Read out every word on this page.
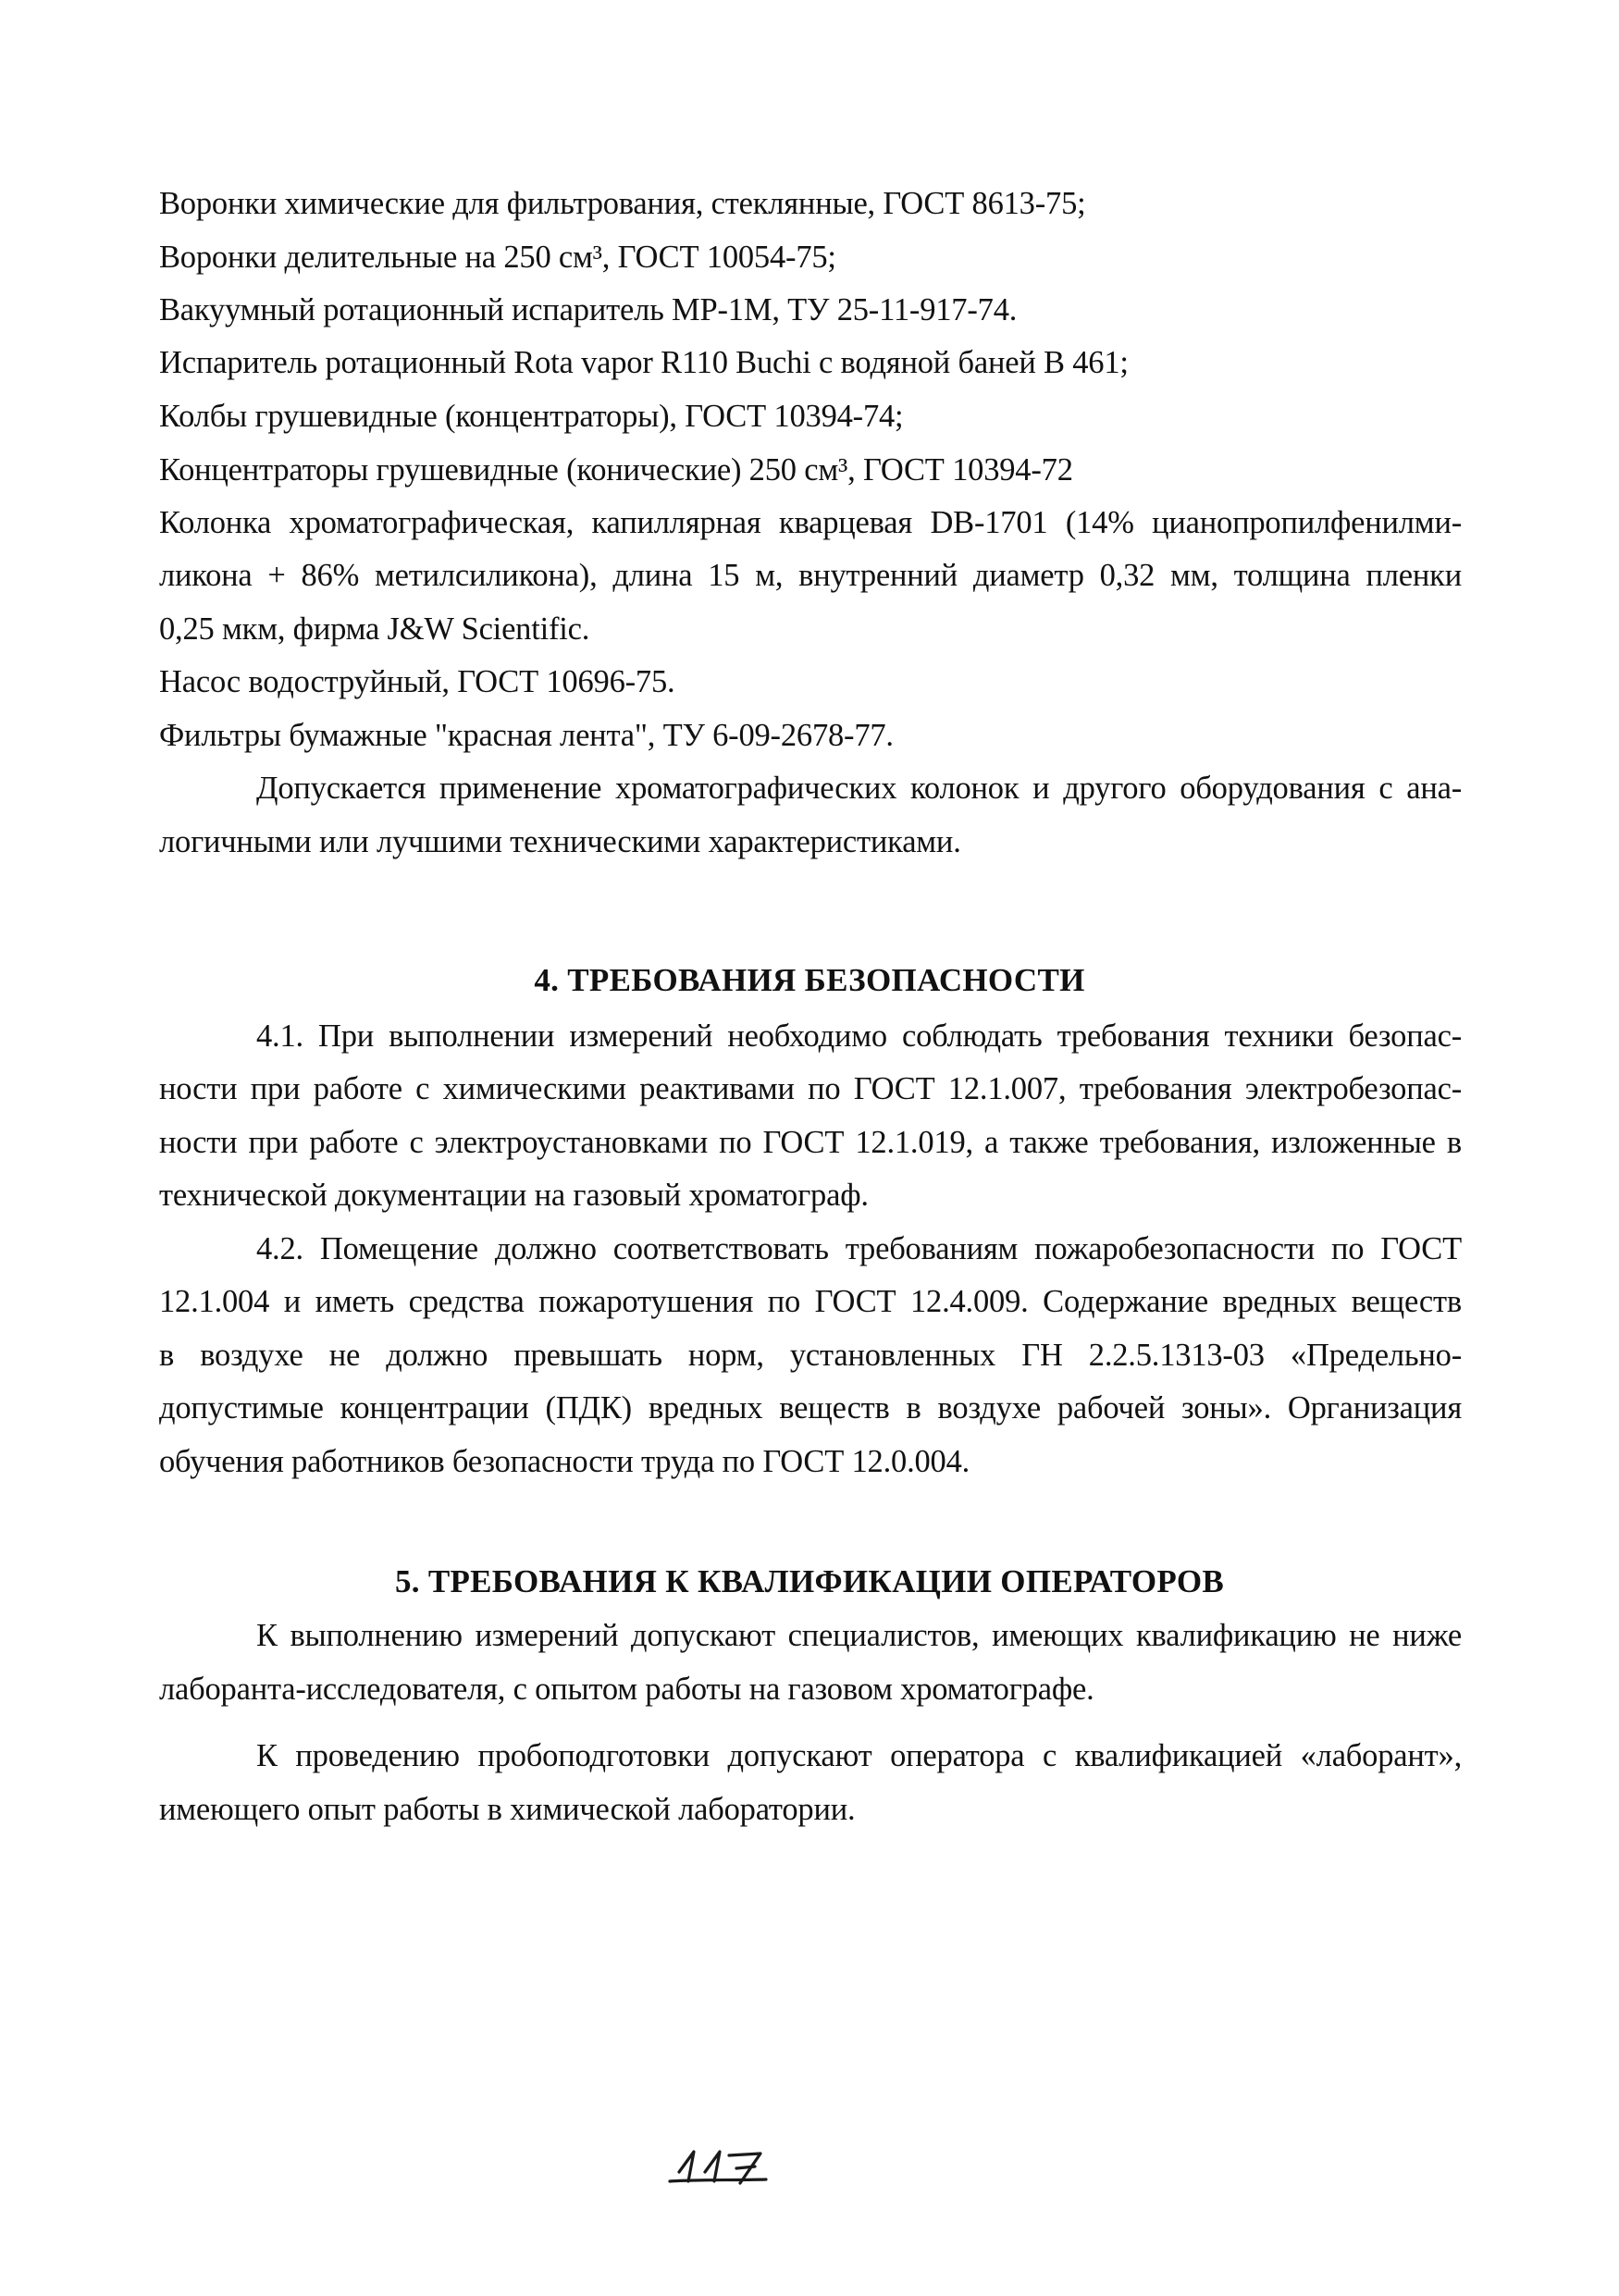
Воронки химические для фильтрования, стеклянные, ГОСТ 8613-75;
Воронки делительные на 250 см³, ГОСТ 10054-75;
Вакуумный ротационный испаритель МР-1М, ТУ 25-11-917-74.
Испаритель ротационный Rota vapor R110 Buchi с водяной баней В 461;
Колбы грушевидные (концентраторы), ГОСТ 10394-74;
Концентраторы грушевидные (конические) 250 см³, ГОСТ 10394-72
Колонка хроматографическая, капиллярная кварцевая DB-1701 (14% цианопропилфенилми-
ликона + 86% метилсиликона), длина 15 м, внутренний диаметр 0,32 мм, толщина пленки
0,25 мкм, фирма J&W Scientific.
Насос водоструйный, ГОСТ 10696-75.
Фильтры бумажные "красная лента", ТУ 6-09-2678-77.
Допускается применение хроматографических колонок и другого оборудования с ана-
логичными или лучшими техническими характеристиками.
4. ТРЕБОВАНИЯ БЕЗОПАСНОСТИ
4.1. При выполнении измерений необходимо соблюдать требования техники безопас-
ности при работе с химическими реактивами по ГОСТ 12.1.007, требования электробезопас-
ности при работе с электроустановками по ГОСТ 12.1.019, а также требования, изложенные в
технической документации на газовый хроматограф.
4.2. Помещение должно соответствовать требованиям пожаробезопасности по ГОСТ
12.1.004 и иметь средства пожаротушения по ГОСТ 12.4.009. Содержание вредных веществ
в воздухе не должно превышать норм, установленных ГН 2.2.5.1313-03 «Предельно-
допустимые концентрации (ПДК) вредных веществ в воздухе рабочей зоны». Организация
обучения работников безопасности труда по ГОСТ 12.0.004.
5. ТРЕБОВАНИЯ К КВАЛИФИКАЦИИ ОПЕРАТОРОВ
К выполнению измерений допускают специалистов, имеющих квалификацию не ниже
лаборанта-исследователя, с опытом работы на газовом хроматографе.
К проведению пробоподготовки допускают оператора с квалификацией «лаборант»,
имеющего опыт работы в химической лаборатории.
